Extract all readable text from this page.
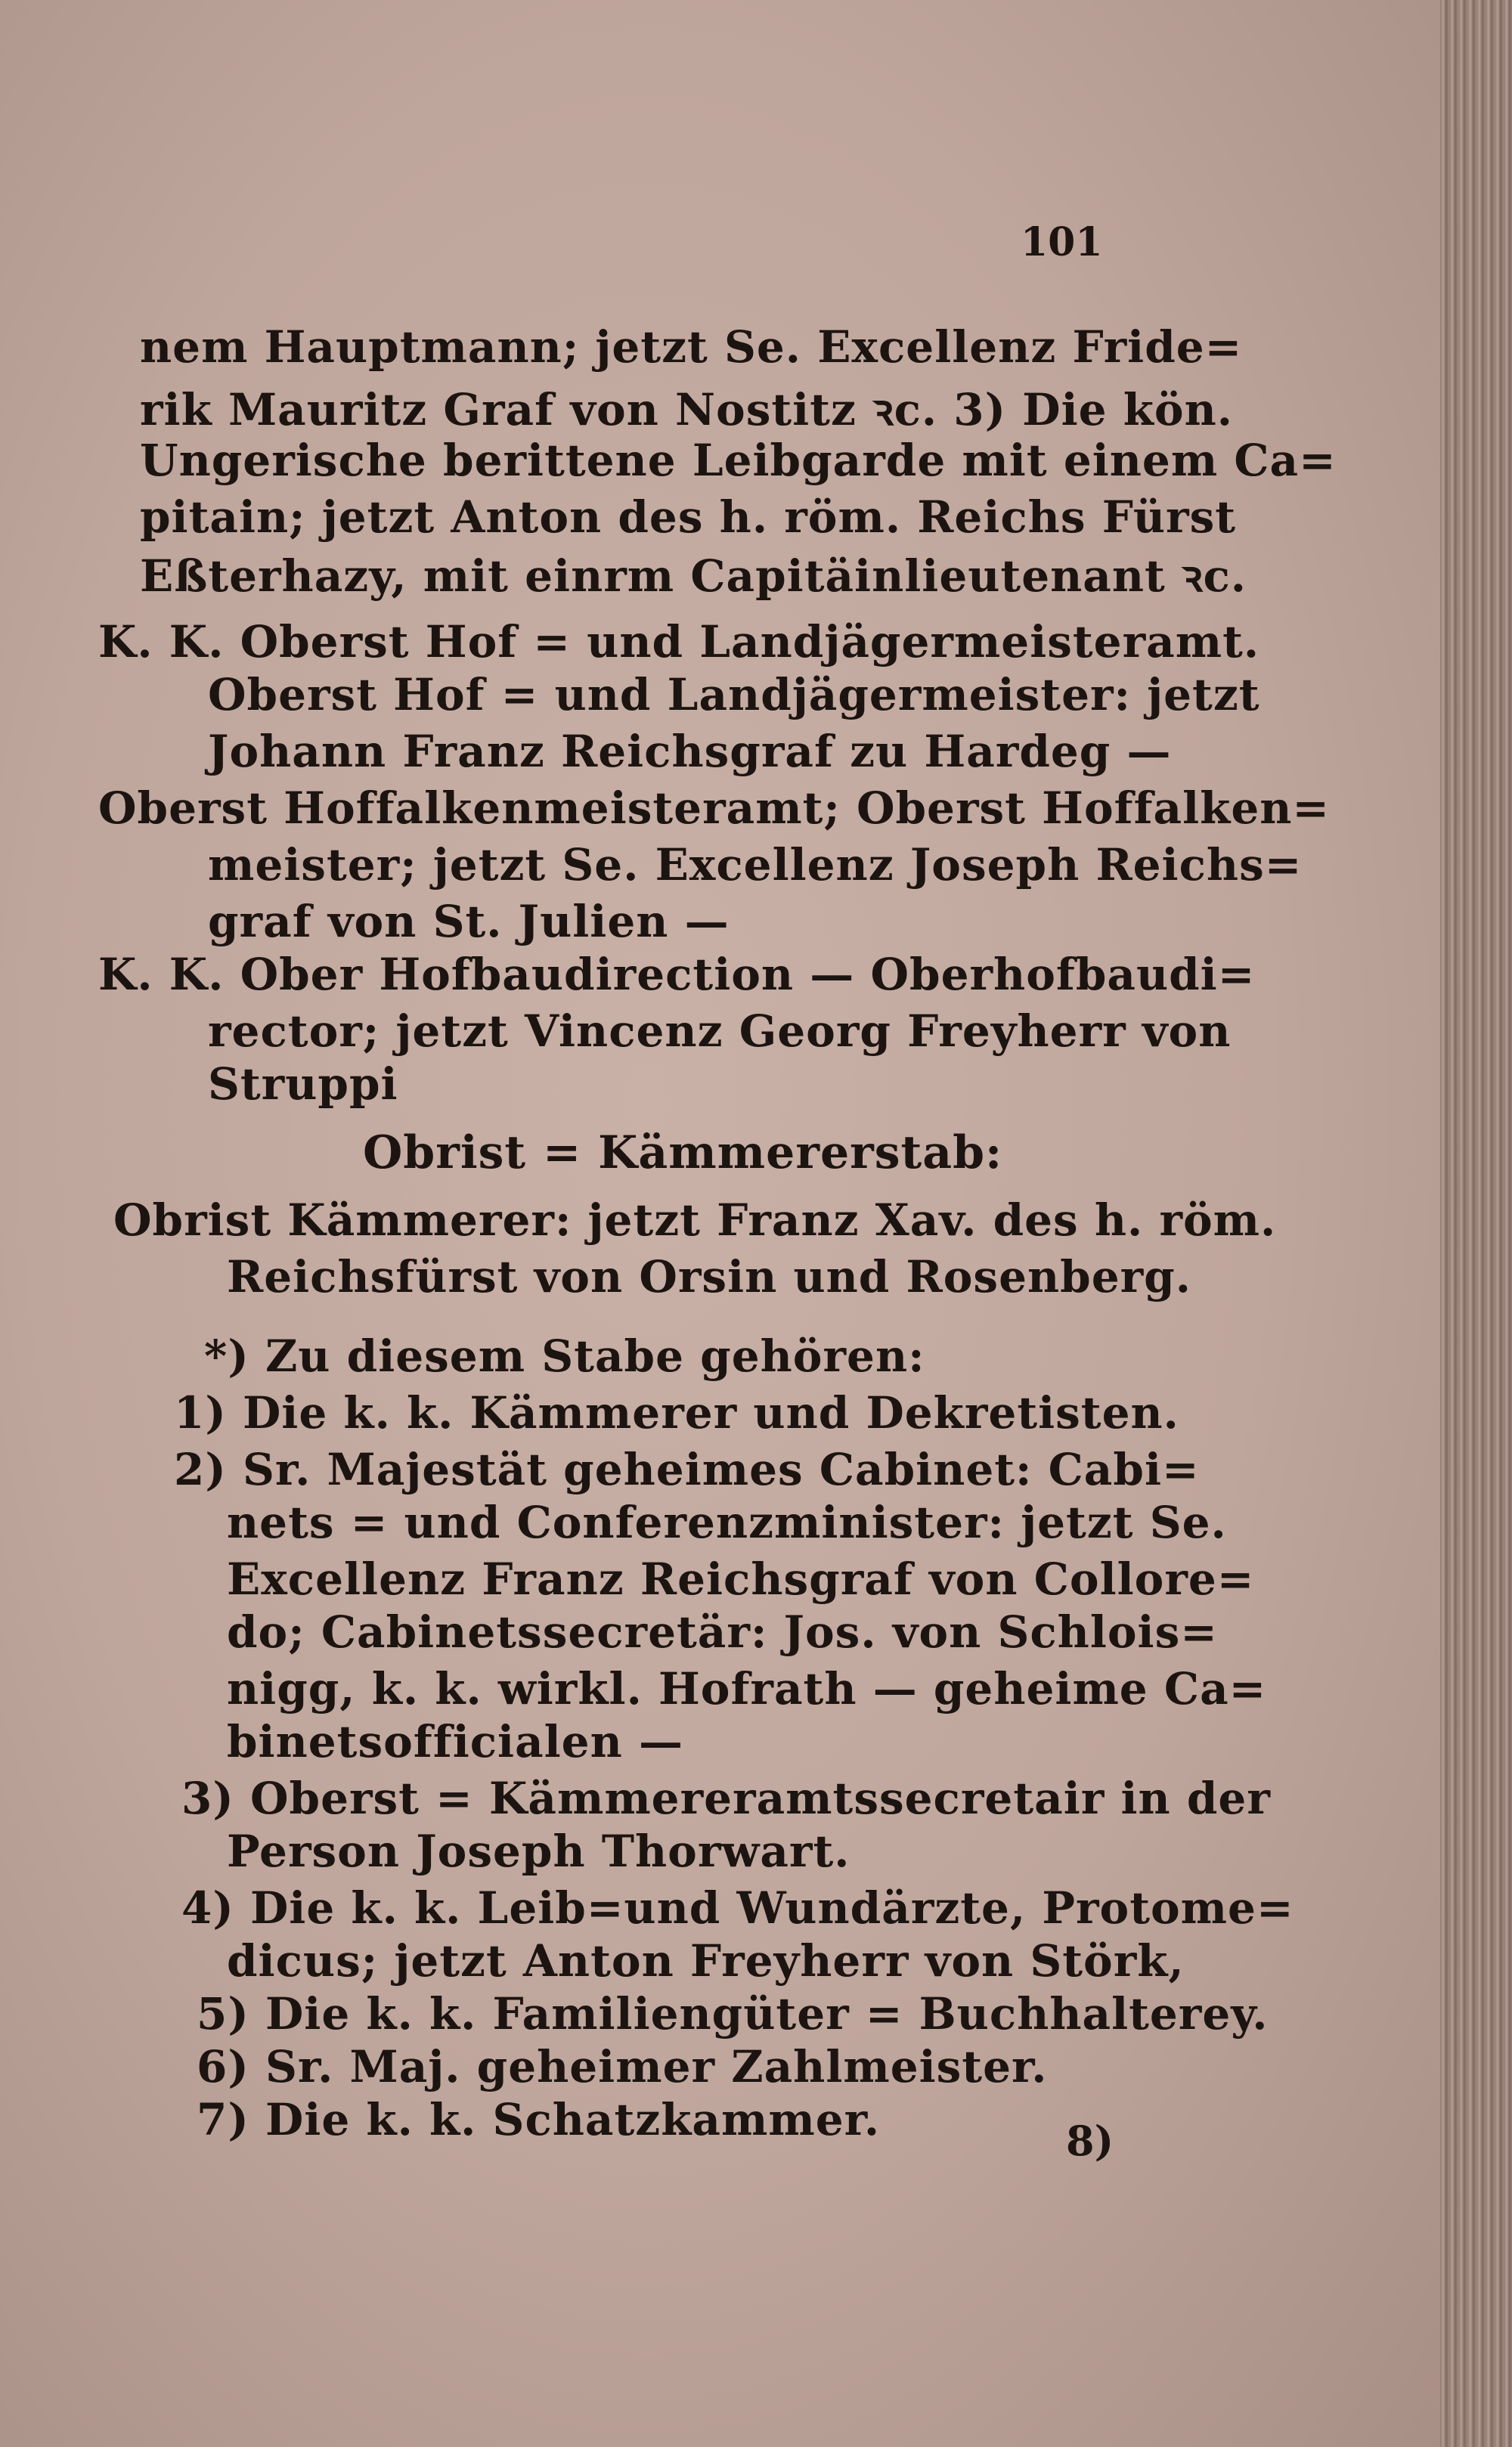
101
nem Hauptmann; jetzt Se. Excellenz Fride=
rik Mauritz Graf von Nostitz ꝛc. 3) Die kön.
Ungerische berittene Leibgarde mit einem Ca=
pitain; jetzt Anton des h. röm. Reichs Fürst
Eßterhazy, mit einrm Capitäinlieutenant ꝛc.
K. K. Oberst Hof = und Landjägermeisteramt.
Oberst Hof = und Landjägermeister: jetzt
Johann Franz Reichsgraf zu Hardeg —
Oberst Hoffalkenmeisteramt; Oberst Hoffalken=
meister; jetzt Se. Excellenz Joseph Reichs=
graf von St. Julien —
K. K. Ober Hofbaudirection — Oberhofbaudi=
rector; jetzt Vincenz Georg Freyherr von
Struppi
Obrist = Kämmererstab:
Obrist Kämmerer: jetzt Franz Xav. des h. röm.
Reichsfürst von Orsin und Rosenberg.
*) Zu diesem Stabe gehören:
1) Die k. k. Kämmerer und Dekretisten.
2) Sr. Majestät geheimes Cabinet: Cabi=
nets = und Conferenzminister: jetzt Se.
Excellenz Franz Reichsgraf von Collore=
do; Cabinetssecretär: Jos. von Schlois=
nigg, k. k. wirkl. Hofrath — geheime Ca=
binetsofficialen —
3) Oberst = Kämmereramtssecretair in der
Person Joseph Thorwart.
4) Die k. k. Leib=und Wundärzte, Protome=
dicus; jetzt Anton Freyherr von Störk,
5) Die k. k. Familiengüter = Buchhalterey.
6) Sr. Maj. geheimer Zahlmeister.
7) Die k. k. Schatzkammer.	8)
